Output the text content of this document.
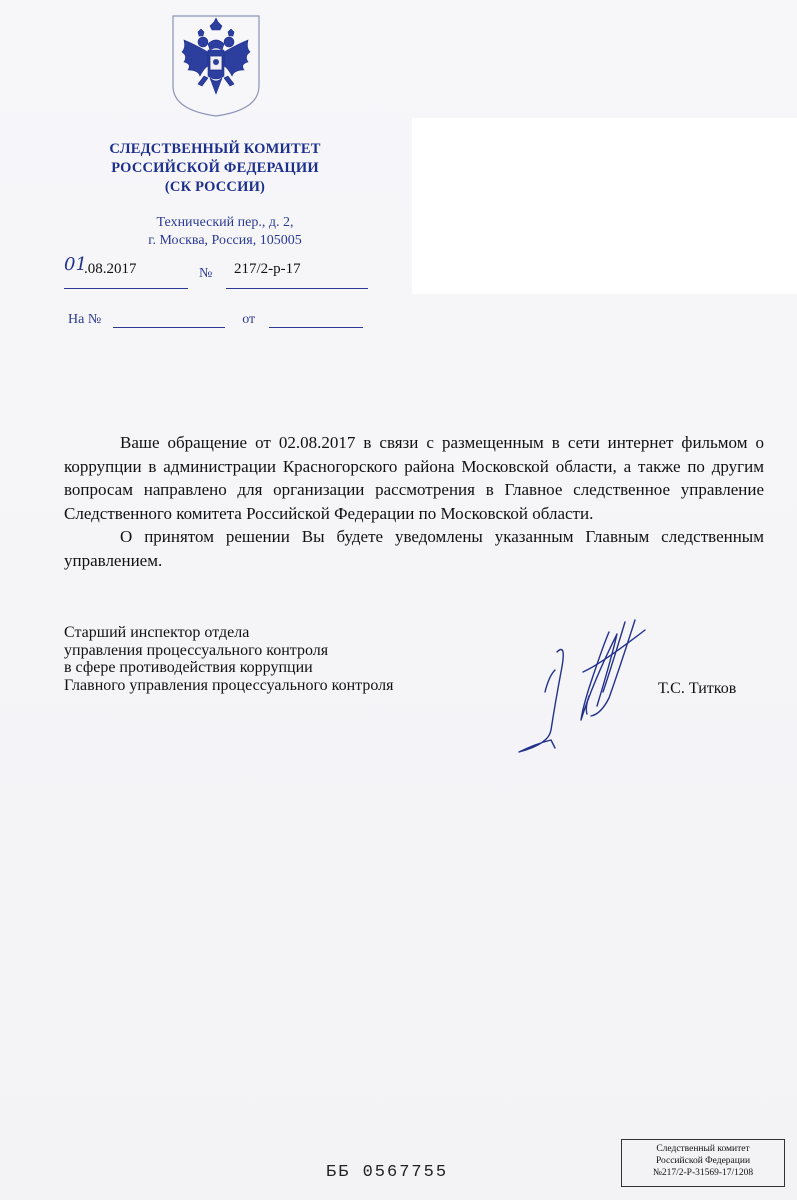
СЛЕДСТВЕННЫЙ КОМИТЕТ
РОССИЙСКОЙ ФЕДЕРАЦИИ
(СК РОССИИ)
Технический пер., д. 2,
г. Москва, Россия, 105005
01
.08.2017	№ 217/2-р-17
На №	от

Ваше обращение от 02.08.2017 в связи с размещенным в сети интернет фильмом о коррупции в администрации Красногорского района Московской области, а также по другим вопросам направлено для организации рассмотрения в Главное следственное управление Следственного комитета Российской Федерации по Московской области.

О принятом решении Вы будете уведомлены указанным Главным следственным управлением.

Старший инспектор отдела
управления процессуального контроля
в сфере противодействия коррупции
Главного управления процессуального контроля	Т.С. Титков
ББ 0567755
Следственный комитет
Российской Федерации
№217/2-Р-31569-17/1208
